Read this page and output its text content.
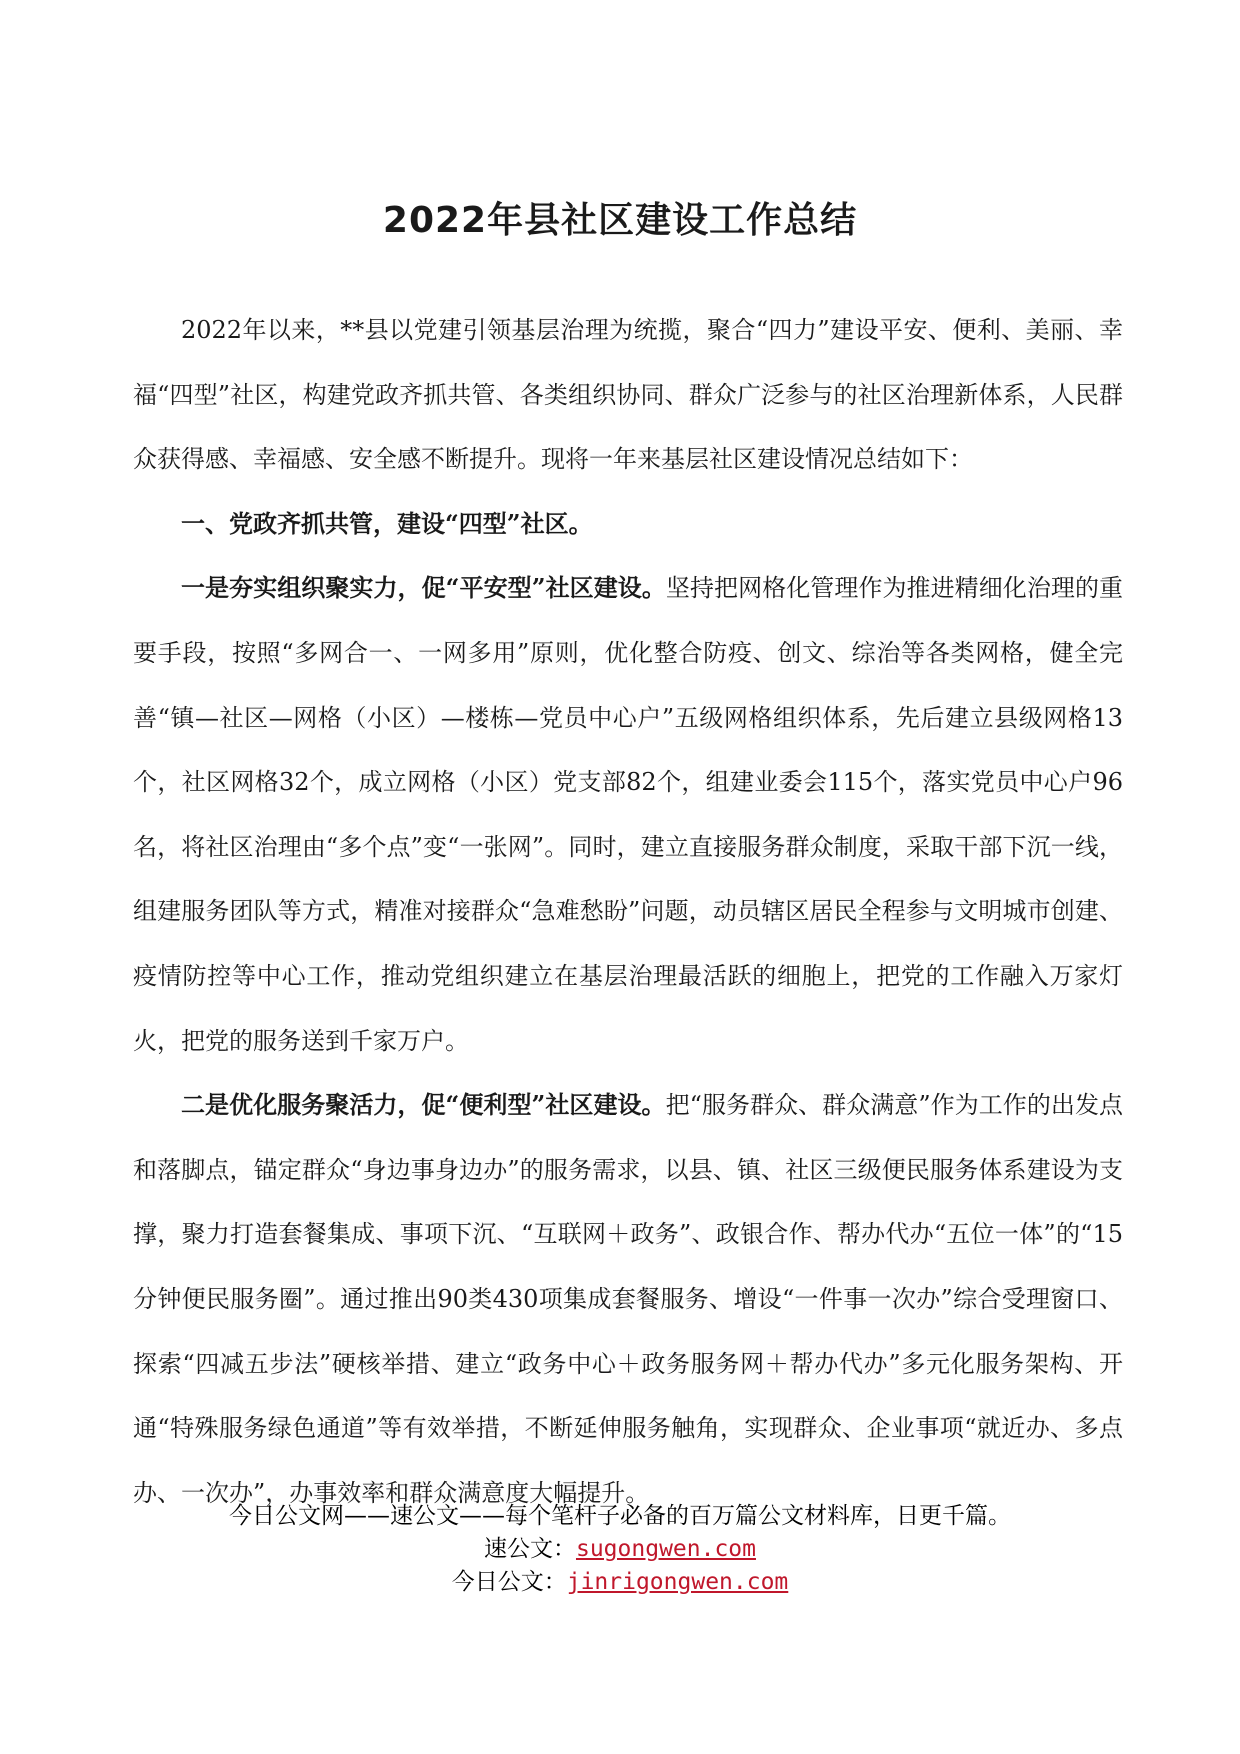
2022年县社区建设工作总结

2022年以来，**县以党建引领基层治理为统揽，聚合“四力”建设平安、便利、美丽、幸福“四型”社区，构建党政齐抓共管、各类组织协同、群众广泛参与的社区治理新体系，人民群众获得感、幸福感、安全感不断提升。现将一年来基层社区建设情况总结如下：

一、党政齐抓共管，建设“四型”社区。

一是夯实组织聚实力，促“平安型”社区建设。坚持把网格化管理作为推进精细化治理的重要手段，按照“多网合一、一网多用”原则，优化整合防疫、创文、综治等各类网格，健全完善“镇—社区—网格（小区）—楼栋—党员中心户”五级网格组织体系，先后建立县级网格13个，社区网格32个，成立网格（小区）党支部82个，组建业委会115个，落实党员中心户96名，将社区治理由“多个点”变“一张网”。同时，建立直接服务群众制度，采取干部下沉一线，组建服务团队等方式，精准对接群众“急难愁盼”问题，动员辖区居民全程参与文明城市创建、疫情防控等中心工作，推动党组织建立在基层治理最活跃的细胞上，把党的工作融入万家灯火，把党的服务送到千家万户。

二是优化服务聚活力，促“便利型”社区建设。把“服务群众、群众满意”作为工作的出发点和落脚点，锚定群众“身边事身边办”的服务需求，以县、镇、社区三级便民服务体系建设为支撑，聚力打造套餐集成、事项下沉、“互联网＋政务”、政银合作、帮办代办“五位一体”的“15分钟便民服务圈”。通过推出90类430项集成套餐服务、增设“一件事一次办”综合受理窗口、探索“四减五步法”硬核举措、建立“政务中心＋政务服务网＋帮办代办”多元化服务架构、开通“特殊服务绿色通道”等有效举措，不断延伸服务触角，实现群众、企业事项“就近办、多点办、一次办”，办事效率和群众满意度大幅提升。

今日公文网——速公文——每个笔杆子必备的百万篇公文材料库，日更千篇。
速公文：sugongwen.com
今日公文：jinrigongwen.com
